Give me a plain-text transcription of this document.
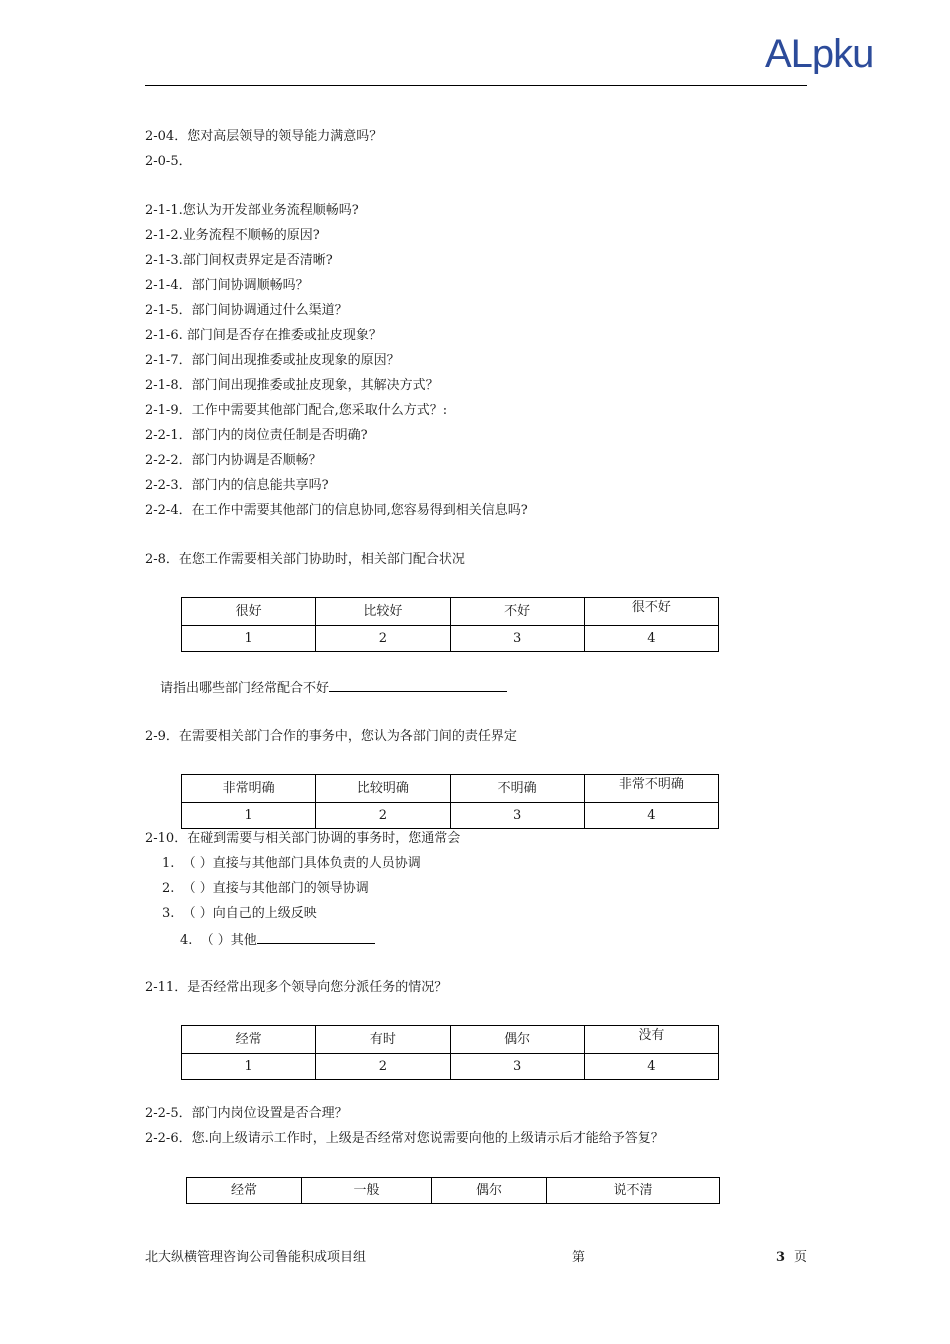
ALpku
2-04．您对高层领导的领导能力满意吗？
2-0-5．
2-1-1.您认为开发部业务流程顺畅吗?
2-1-2.业务流程不顺畅的原因?
2-1-3.部门间权责界定是否清晰?
2-1-4．部门间协调顺畅吗？
2-1-5．部门间协调通过什么渠道？
2-1-6. 部门间是否存在推委或扯皮现象？
2-1-7．部门间出现推委或扯皮现象的原因？
2-1-8．部门间出现推委或扯皮现象，其解决方式？
2-1-9．工作中需要其他部门配合,您采取什么方式？:
2-2-1．部门内的岗位责任制是否明确?
2-2-2．部门内协调是否顺畅？
2-2-3．部门内的信息能共享吗?
2-2-4．在工作中需要其他部门的信息协同,您容易得到相关信息吗?
2-8．在您工作需要相关部门协助时，相关部门配合状况
很好	比较好	不好	很不好
1	2	3	4
请指出哪些部门经常配合不好
2-9．在需要相关部门合作的事务中，您认为各部门间的责任界定
非常明确	比较明确	不明确	非常不明确
1	2	3	4
2-10．在碰到需要与相关部门协调的事务时，您通常会
1. （ ）直接与其他部门具体负责的人员协调
2. （ ）直接与其他部门的领导协调
3. （ ）向自己的上级反映
4. （ ）其他
2-11．是否经常出现多个领导向您分派任务的情况？
经常	有时	偶尔	没有
1	2	3	4
2-2-5．部门内岗位设置是否合理？
2-2-6．您.向上级请示工作时，上级是否经常对您说需要向他的上级请示后才能给予答复？
经常	一般	偶尔	说不清
北大纵横管理咨询公司鲁能积成项目组	第	3 页
